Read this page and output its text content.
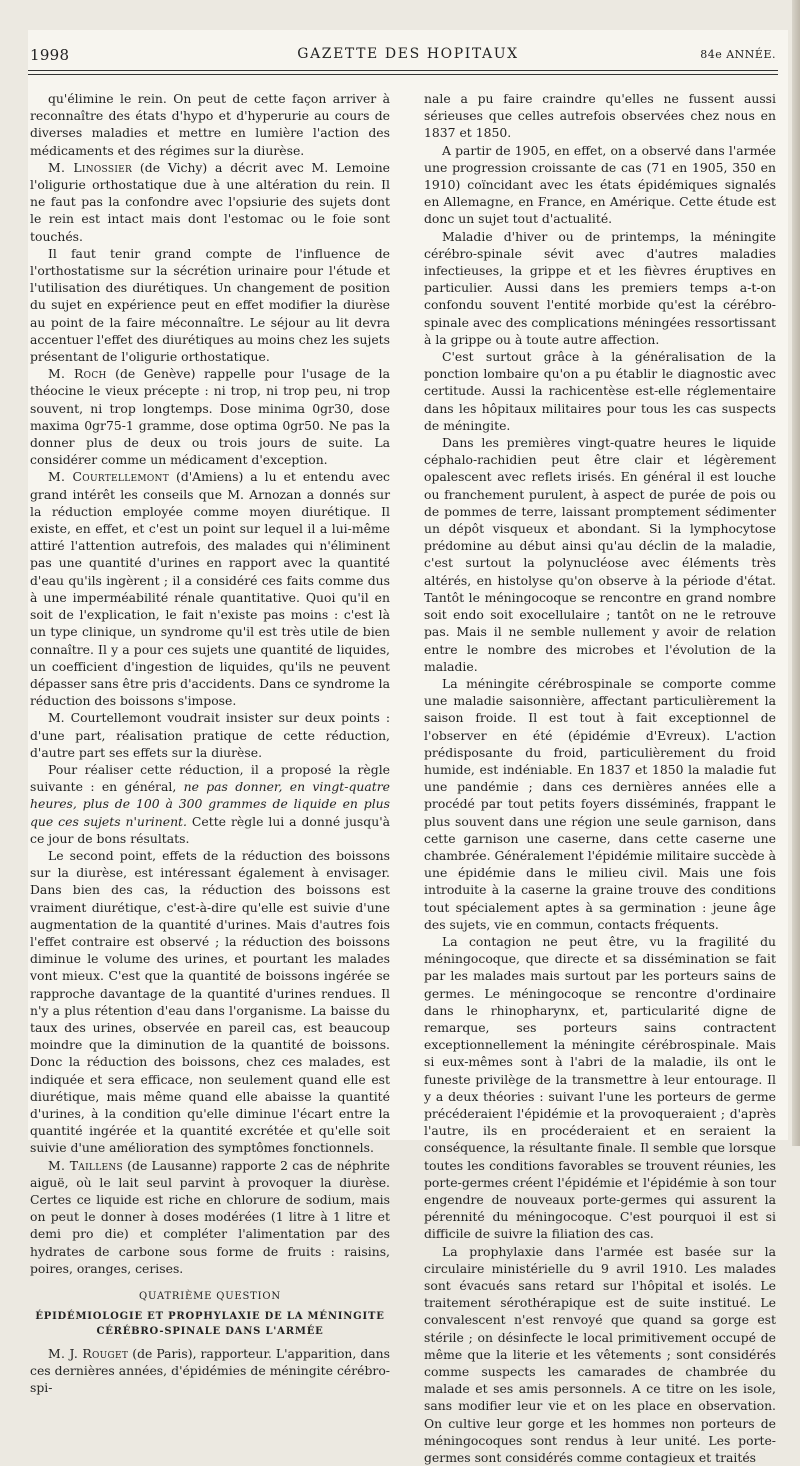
1998	GAZETTE DES HOPITAUX	84e ANNÉE.

qu'élimine le rein. On peut de cette façon arriver à reconnaître des états d'hypo et d'hyperurie au cours de diverses maladies et mettre en lumière l'action des médicaments et des régimes sur la diurèse.

M. Linossier (de Vichy) a décrit avec M. Lemoine l'oligurie orthostatique due à une altération du rein. Il ne faut pas la confondre avec l'opsiurie des sujets dont le rein est intact mais dont l'estomac ou le foie sont touchés.

Il faut tenir grand compte de l'influence de l'orthostatisme sur la sécrétion urinaire pour l'étude et l'utilisation des diurétiques. Un changement de position du sujet en expérience peut en effet modifier la diurèse au point de la faire méconnaître. Le séjour au lit devra accentuer l'effet des diurétiques au moins chez les sujets présentant de l'oligurie orthostatique.

M. Roch (de Genève) rappelle pour l'usage de la théocine le vieux précepte : ni trop, ni trop peu, ni trop souvent, ni trop longtemps. Dose minima 0gr30, dose maxima 0gr75-1 gramme, dose optima 0gr50. Ne pas la donner plus de deux ou trois jours de suite. La considérer comme un médicament d'exception.

M. Courtellemont (d'Amiens) a lu et entendu avec grand intérêt les conseils que M. Arnozan a donnés sur la réduction employée comme moyen diurétique. Il existe, en effet, et c'est un point sur lequel il a lui-même attiré l'attention autrefois, des malades qui n'éliminent pas une quantité d'urines en rapport avec la quantité d'eau qu'ils ingèrent ; il a considéré ces faits comme dus à une imperméabilité rénale quantitative. Quoi qu'il en soit de l'explication, le fait n'existe pas moins : c'est là un type clinique, un syndrome qu'il est très utile de bien connaître. Il y a pour ces sujets une quantité de liquides, un coefficient d'ingestion de liquides, qu'ils ne peuvent dépasser sans être pris d'accidents. Dans ce syndrome la réduction des boissons s'impose.

M. Courtellemont voudrait insister sur deux points : d'une part, réalisation pratique de cette réduction, d'autre part ses effets sur la diurèse.

Pour réaliser cette réduction, il a proposé la règle suivante : en général, ne pas donner, en vingt-quatre heures, plus de 100 à 300 grammes de liquide en plus que ces sujets n'urinent. Cette règle lui a donné jusqu'à ce jour de bons résultats.

Le second point, effets de la réduction des boissons sur la diurèse, est intéressant également à envisager. Dans bien des cas, la réduction des boissons est vraiment diurétique, c'est-à-dire qu'elle est suivie d'une augmentation de la quantité d'urines. Mais d'autres fois l'effet contraire est observé ; la réduction des boissons diminue le volume des urines, et pourtant les malades vont mieux. C'est que la quantité de boissons ingérée se rapproche davantage de la quantité d'urines rendues. Il n'y a plus rétention d'eau dans l'organisme. La baisse du taux des urines, observée en pareil cas, est beaucoup moindre que la diminution de la quantité de boissons. Donc la réduction des boissons, chez ces malades, est indiquée et sera efficace, non seulement quand elle est diurétique, mais même quand elle abaisse la quantité d'urines, à la condition qu'elle diminue l'écart entre la quantité ingérée et la quantité excrétée et qu'elle soit suivie d'une amélioration des symptômes fonctionnels.

M. Taillens (de Lausanne) rapporte 2 cas de néphrite aiguë, où le lait seul parvint à provoquer la diurèse. Certes ce liquide est riche en chlorure de sodium, mais on peut le donner à doses modérées (1 litre à 1 litre et demi pro die) et compléter l'alimentation par des hydrates de carbone sous forme de fruits : raisins, poires, oranges, cerises.

QUATRIÈME QUESTION
ÉPIDÉMIOLOGIE ET PROPHYLAXIE DE LA MÉNINGITE
CÉRÉBRO-SPINALE DANS L'ARMÉE

M. J. Rouget (de Paris), rapporteur. L'apparition, dans ces dernières années, d'épidémies de méningite cérébro-spi-

nale a pu faire craindre qu'elles ne fussent aussi sérieuses que celles autrefois observées chez nous en 1837 et 1850.

A partir de 1905, en effet, on a observé dans l'armée une progression croissante de cas (71 en 1905, 350 en 1910) coïncidant avec les états épidémiques signalés en Allemagne, en France, en Amérique. Cette étude est donc un sujet tout d'actualité.

Maladie d'hiver ou de printemps, la méningite cérébro-spinale sévit avec d'autres maladies infectieuses, la grippe et et les fièvres éruptives en particulier. Aussi dans les premiers temps a-t-on confondu souvent l'entité morbide qu'est la cérébro-spinale avec des complications méningées ressortissant à la grippe ou à toute autre affection.

C'est surtout grâce à la généralisation de la ponction lombaire qu'on a pu établir le diagnostic avec certitude. Aussi la rachicentèse est-elle réglementaire dans les hôpitaux militaires pour tous les cas suspects de méningite.

Dans les premières vingt-quatre heures le liquide céphalo-rachidien peut être clair et légèrement opalescent avec reflets irisés. En général il est louche ou franchement purulent, à aspect de purée de pois ou de pommes de terre, laissant promptement sédimenter un dépôt visqueux et abondant. Si la lymphocytose prédomine au début ainsi qu'au déclin de la maladie, c'est surtout la polynucléose avec éléments très altérés, en histolyse qu'on observe à la période d'état. Tantôt le méningocoque se rencontre en grand nombre soit endo soit exocellulaire ; tantôt on ne le retrouve pas. Mais il ne semble nullement y avoir de relation entre le nombre des microbes et l'évolution de la maladie.

La méningite cérébrospinale se comporte comme une maladie saisonnière, affectant particulièrement la saison froide. Il est tout à fait exceptionnel de l'observer en été (épidémie d'Evreux). L'action prédisposante du froid, particulièrement du froid humide, est indéniable. En 1837 et 1850 la maladie fut une pandémie ; dans ces dernières années elle a procédé par tout petits foyers disséminés, frappant le plus souvent dans une région une seule garnison, dans cette garnison une caserne, dans cette caserne une chambrée. Généralement l'épidémie militaire succède à une épidémie dans le milieu civil. Mais une fois introduite à la caserne la graine trouve des conditions tout spécialement aptes à sa germination : jeune âge des sujets, vie en commun, contacts fréquents.

La contagion ne peut être, vu la fragilité du méningocoque, que directe et sa dissémination se fait par les malades mais surtout par les porteurs sains de germes. Le méningocoque se rencontre d'ordinaire dans le rhinopharynx, et, particularité digne de remarque, ses porteurs sains contractent exceptionnellement la méningite cérébrospinale. Mais si eux-mêmes sont à l'abri de la maladie, ils ont le funeste privilège de la transmettre à leur entourage. Il y a deux théories : suivant l'une les porteurs de germe précéderaient l'épidémie et la provoqueraient ; d'après l'autre, ils en procéderaient et en seraient la conséquence, la résultante finale. Il semble que lorsque toutes les conditions favorables se trouvent réunies, les porte-germes créent l'épidémie et l'épidémie à son tour engendre de nouveaux porte-germes qui assurent la pérennité du méningocoque. C'est pourquoi il est si difficile de suivre la filiation des cas.

La prophylaxie dans l'armée est basée sur la circulaire ministérielle du 9 avril 1910. Les malades sont évacués sans retard sur l'hôpital et isolés. Le traitement sérothérapique est de suite institué. Le convalescent n'est renvoyé que quand sa gorge est stérile ; on désinfecte le local primitivement occupé de même que la literie et les vêtements ; sont considérés comme suspects les camarades de chambrée du malade et ses amis personnels. A ce titre on les isole, sans modifier leur vie et on les place en observation. On cultive leur gorge et les hommes non porteurs de méningocoques sont rendus à leur unité. Les porte-germes sont considérés comme contagieux et traités
